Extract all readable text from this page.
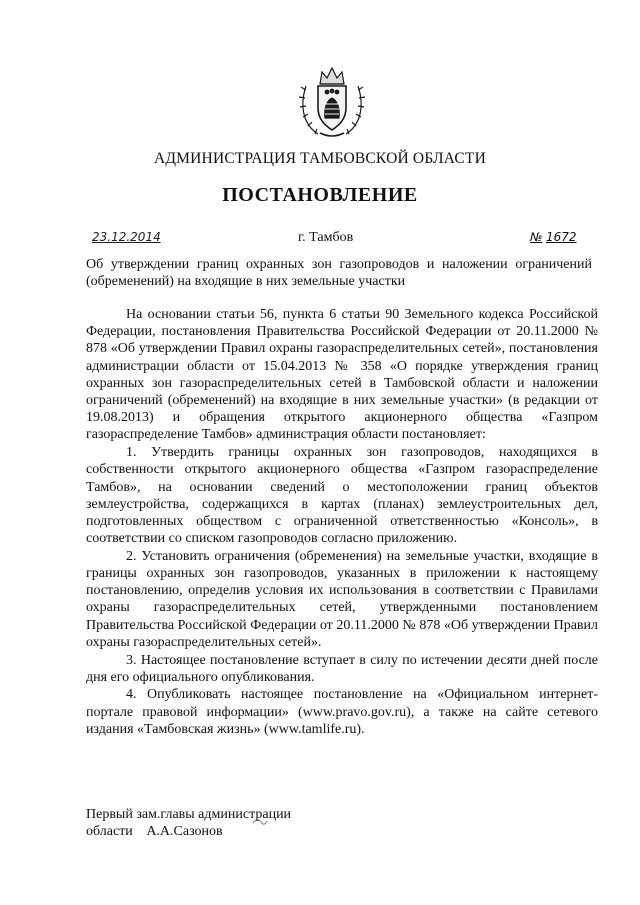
АДМИНИСТРАЦИЯ ТАМБОВСКОЙ ОБЛАСТИ
ПОСТАНОВЛЕНИЕ
23.12.2014	г. Тамбов	№ 1672
Об утверждении границ охранных зон газопроводов и наложении ограничений (обременений) на входящие в них земельные участки

На основании статьи 56, пункта 6 статьи 90 Земельного кодекса Российской Федерации, постановления Правительства Российской Федерации от 20.11.2000 № 878 «Об утверждении Правил охраны газораспределительных сетей», постановления администрации области от 15.04.2013 № 358 «О порядке утверждения границ охранных зон газораспределительных сетей в Тамбовской области и наложении ограничений (обременений) на входящие в них земельные участки» (в редакции от 19.08.2013) и обращения открытого акционерного общества «Газпром газораспределение Тамбов» администрация области постановляет:

1. Утвердить границы охранных зон газопроводов, находящихся в собственности открытого акционерного общества «Газпром газораспределение Тамбов», на основании сведений о местоположении границ объектов землеустройства, содержащихся в картах (планах) землеустроительных дел, подготовленных обществом с ограниченной ответственностью «Консоль», в соответствии со списком газопроводов согласно приложению.

2. Установить ограничения (обременения) на земельные участки, входящие в границы охранных зон газопроводов, указанных в приложении к настоящему постановлению, определив условия их использования в соответствии с Правилами охраны газораспределительных сетей, утвержденными постановлением Правительства Российской Федерации от 20.11.2000 № 878 «Об утверждении Правил охраны газораспределительных сетей».

3. Настоящее постановление вступает в силу по истечении десяти дней после дня его официального опубликования.

4. Опубликовать настоящее постановление на «Официальном интернет-портале правовой информации» (www.pravo.gov.ru), а также на сайте сетевого издания «Тамбовская жизнь» (www.tamlife.ru).

Первый зам.главы администрации
области А.А.Сазонов
